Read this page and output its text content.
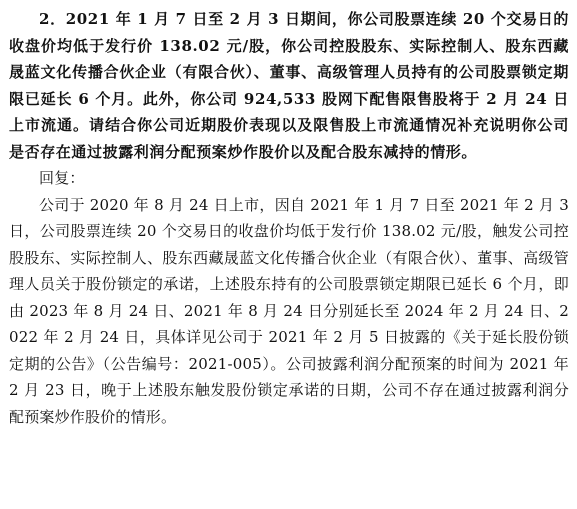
2．2021 年 1 月 7 日至 2 月 3 日期间，你公司股票连续 20 个交易日的收盘价均低于发行价 138.02 元/股，你公司控股股东、实际控制人、股东西藏晟蓝文化传播合伙企业（有限合伙）、董事、高级管理人员持有的公司股票锁定期限已延长 6 个月。此外，你公司 924,533 股网下配售限售股将于 2 月 24 日上市流通。请结合你公司近期股价表现以及限售股上市流通情况补充说明你公司是否存在通过披露利润分配预案炒作股价以及配合股东减持的情形。

回复：

公司于 2020 年 8 月 24 日上市，因自 2021 年 1 月 7 日至 2021 年 2 月 3 日，公司股票连续 20 个交易日的收盘价均低于发行价 138.02 元/股，触发公司控股股东、实际控制人、股东西藏晟蓝文化传播合伙企业（有限合伙）、董事、高级管理人员关于股份锁定的承诺，上述股东持有的公司股票锁定期限已延长 6 个月，即由 2023 年 8 月 24 日、2021 年 8 月 24 日分别延长至 2024 年 2 月 24 日、2022 年 2 月 24 日，具体详见公司于 2021 年 2 月 5 日披露的《关于延长股份锁定期的公告》（公告编号：2021-005）。公司披露利润分配预案的时间为 2021 年 2 月 23 日，晚于上述股东触发股份锁定承诺的日期，公司不存在通过披露利润分配预案炒作股价的情形。
